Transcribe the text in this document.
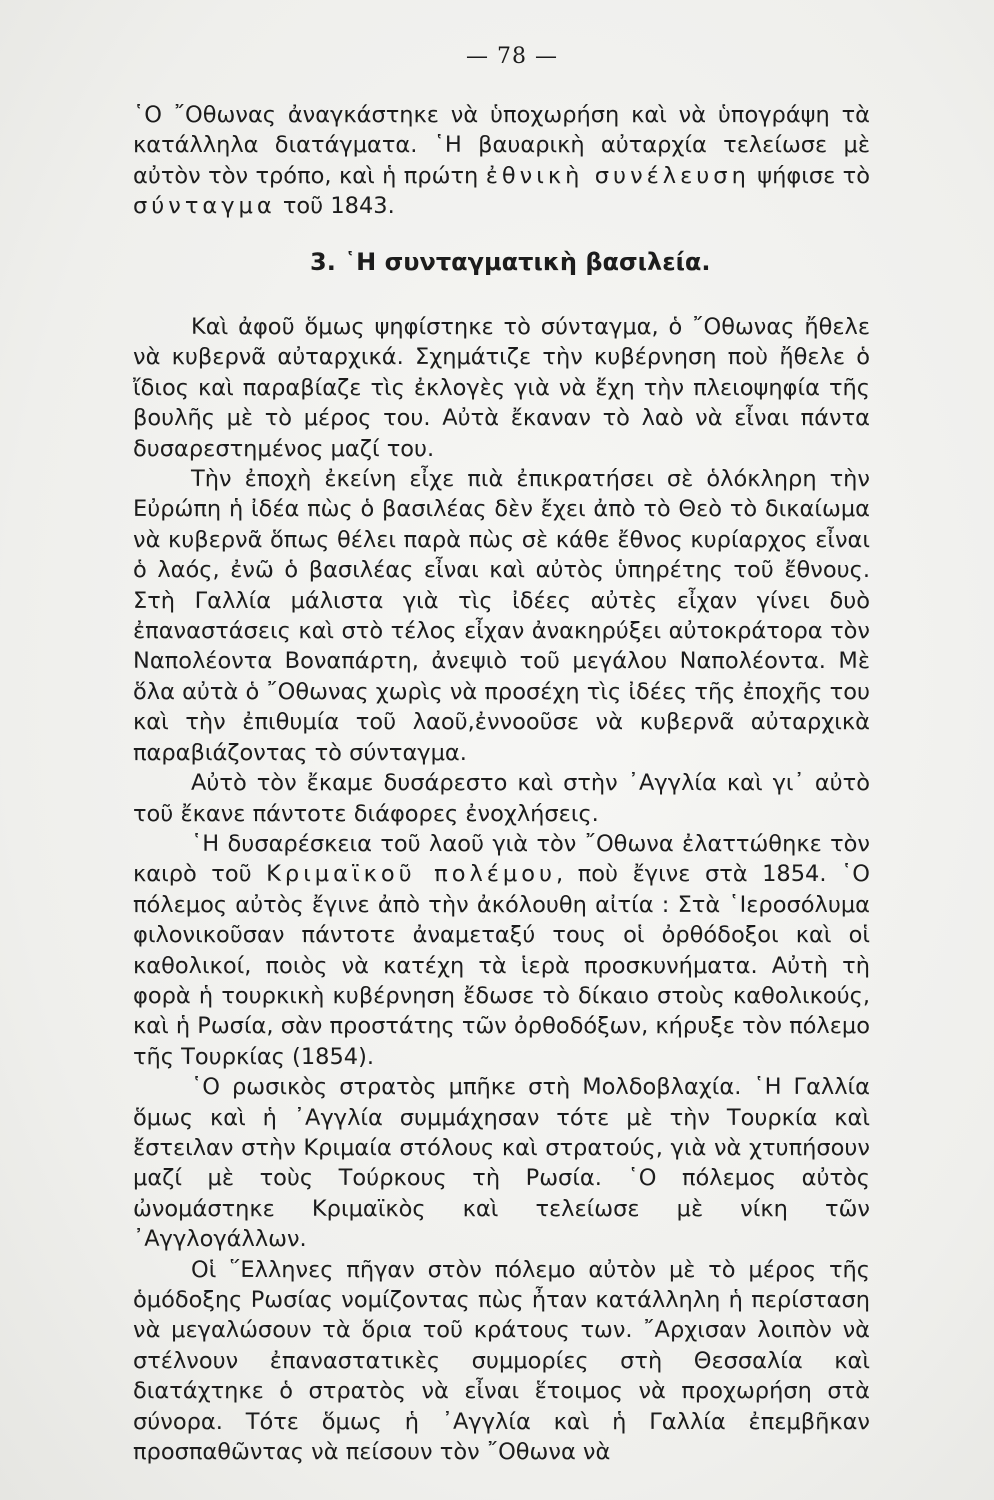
— 78 —

῾Ο ῎Οθωνας ἀναγκάστηκε νὰ ὑποχωρήση καὶ νὰ ὑπογράψη τὰ κατάλληλα διατάγματα. ῾Η βαυαρικὴ αὐταρχία τελείωσε μὲ αὐτὸν τὸν τρόπο, καὶ ἡ πρώτη ἐθνικὴ συνέλευση ψήφισε τὸ σύνταγμα τοῦ 1843.

3. ῾Η συνταγματικὴ βασιλεία.

Καὶ ἀφοῦ ὅμως ψηφίστηκε τὸ σύνταγμα, ὁ ῎Οθωνας ἤθελε νὰ κυβερνᾶ αὐταρχικά. Σχημάτιζε τὴν κυβέρνηση ποὺ ἤθελε ὁ ἴδιος καὶ παραβίαζε τὶς ἐκλογὲς γιὰ νὰ ἔχη τὴν πλειοψηφία τῆς βουλῆς μὲ τὸ μέρος του. Αὐτὰ ἔκαναν τὸ λαὸ νὰ εἶναι πάντα δυσαρεστημένος μαζί του.

Τὴν ἐποχὴ ἐκείνη εἶχε πιὰ ἐπικρατήσει σὲ ὁλόκληρη τὴν Εὐρώπη ἡ ἰδέα πὼς ὁ βασιλέας δὲν ἔχει ἀπὸ τὸ Θεὸ τὸ δικαίωμα νὰ κυβερνᾶ ὅπως θέλει παρὰ πὼς σὲ κάθε ἔθνος κυρίαρχος εἶναι ὁ λαός, ἐνῶ ὁ βασιλέας εἶναι καὶ αὐτὸς ὑπηρέτης τοῦ ἔθνους. Στὴ Γαλλία μάλιστα γιὰ τὶς ἰδέες αὐτὲς εἶχαν γίνει δυὸ ἐπαναστάσεις καὶ στὸ τέλος εἶχαν ἀνακηρύξει αὐτοκράτορα τὸν Ναπολέοντα Βοναπάρτη, ἀνεψιὸ τοῦ μεγάλου Ναπολέοντα. Μὲ ὅλα αὐτὰ ὁ ῎Οθωνας χωρὶς νὰ προσέχη τὶς ἰδέες τῆς ἐποχῆς του καὶ τὴν ἐπιθυμία τοῦ λαοῦ,ἐννοοῦσε νὰ κυβερνᾶ αὐταρχικὰ παραβιάζοντας τὸ σύνταγμα.

Αὐτὸ τὸν ἔκαμε δυσάρεστο καὶ στὴν ᾿Αγγλία καὶ γι᾿ αὐτὸ τοῦ ἔκανε πάντοτε διάφορες ἐνοχλήσεις.

῾Η δυσαρέσκεια τοῦ λαοῦ γιὰ τὸν ῎Οθωνα ἐλαττώθηκε τὸν καιρὸ τοῦ Κριμαϊκοῦ πολέμου, ποὺ ἔγινε στὰ 1854. ῾Ο πόλεμος αὐτὸς ἔγινε ἀπὸ τὴν ἀκόλουθη αἰτία : Στὰ ῾Ιεροσόλυμα φιλονικοῦσαν πάντοτε ἀναμεταξύ τους οἱ ὀρθόδοξοι καὶ οἱ καθολικοί, ποιὸς νὰ κατέχη τὰ ἱερὰ προσκυνήματα. Αὐτὴ τὴ φορὰ ἡ τουρκικὴ κυβέρνηση ἔδωσε τὸ δίκαιο στοὺς καθολικούς, καὶ ἡ Ρωσία, σὰν προστάτης τῶν ὀρθοδόξων, κήρυξε τὸν πόλεμο τῆς Τουρκίας (1854).

῾Ο ρωσικὸς στρατὸς μπῆκε στὴ Μολδοβλαχία. ῾Η Γαλλία ὅμως καὶ ἡ ᾿Αγγλία συμμάχησαν τότε μὲ τὴν Τουρκία καὶ ἔστειλαν στὴν Κριμαία στόλους καὶ στρατούς, γιὰ νὰ χτυπήσουν μαζί μὲ τοὺς Τούρκους τὴ Ρωσία. ῾Ο πόλεμος αὐτὸς ὠνομάστηκε Κριμαϊκὸς καὶ τελείωσε μὲ νίκη τῶν ᾿Αγγλογάλλων.

Οἱ ῞Ελληνες πῆγαν στὸν πόλεμο αὐτὸν μὲ τὸ μέρος τῆς ὁμόδοξης Ρωσίας νομίζοντας πὼς ἦταν κατάλληλη ἡ περίσταση νὰ μεγαλώσουν τὰ ὅρια τοῦ κράτους των. ῎Αρχισαν λοιπὸν νὰ στέλνουν ἐπαναστατικὲς συμμορίες στὴ Θεσσαλία καὶ διατάχτηκε ὁ στρατὸς νὰ εἶναι ἕτοιμος νὰ προχωρήση στὰ σύνορα. Τότε ὅμως ἡ ᾿Αγγλία καὶ ἡ Γαλλία ἐπεμβῆκαν προσπαθῶντας νὰ πείσουν τὸν ῎Οθωνα νὰ
